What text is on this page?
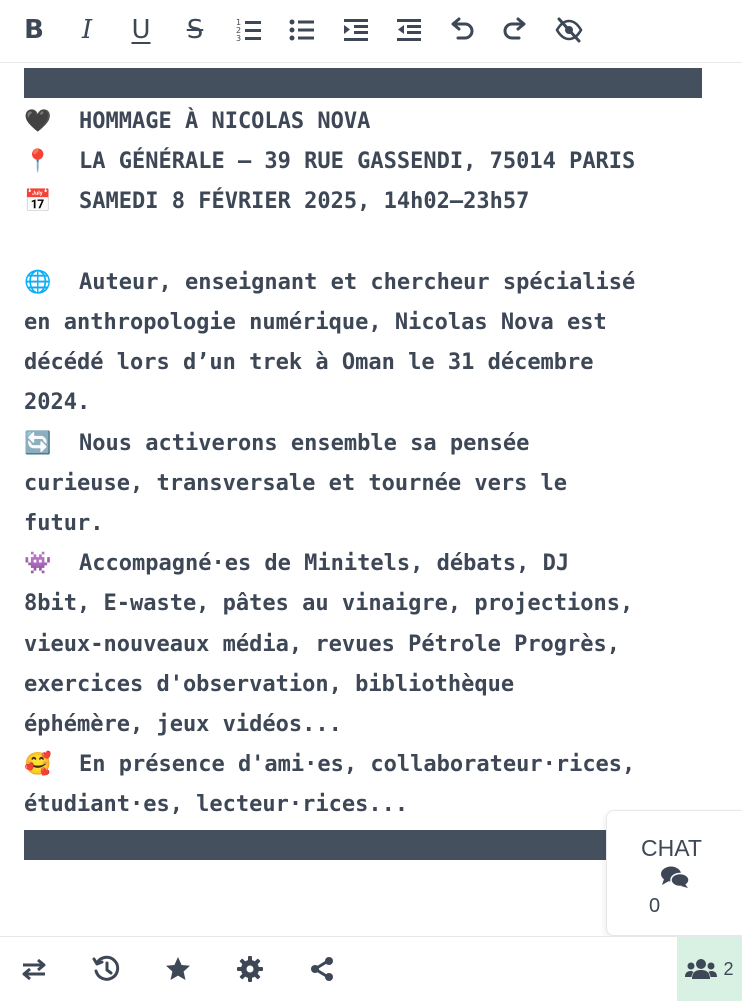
B	I	U	S	1
2
3
🖤 HOMMAGE À NICOLAS NOVA
📍 LA GÉNÉRALE — 39 RUE GASSENDI, 75014 PARIS
📅 SAMEDI 8 FÉVRIER 2025, 14h02—23h57
🌐 Auteur, enseignant et chercheur spécialisé
en anthropologie numérique, Nicolas Nova est
décédé lors d’un trek à Oman le 31 décembre
2024.
🔄 Nous activerons ensemble sa pensée
curieuse, transversale et tournée vers le
futur.
👾 Accompagné·es de Minitels, débats, DJ
8bit, E-waste, pâtes au vinaigre, projections,
vieux-nouveaux média, revues Pétrole Progrès,
exercices d'observation, bibliothèque
éphémère, jeux vidéos...
🥰 En présence d'ami·es, collaborateur·rices,
étudiant·es, lecteur·rices...
CHAT
0
2
